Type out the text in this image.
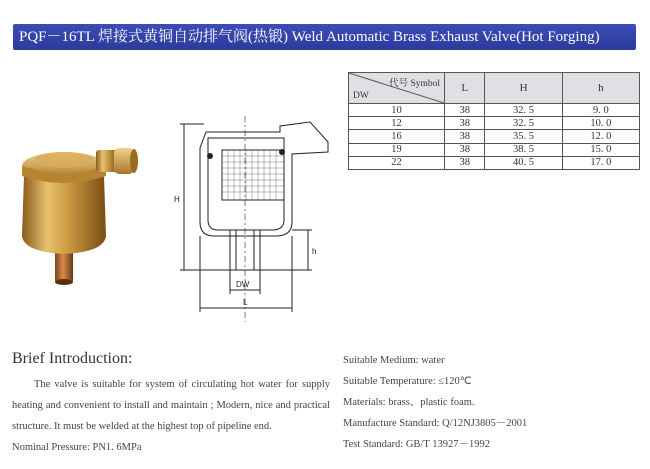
PQF－16TL 焊接式黄铜自动排气阀(热锻) Weld Automatic Brass Exhaust Valve(Hot Forging)
H
h
DW
L
代号 Symbol
DW	L	H	h
10	38	32. 5	9. 0
12	38	32. 5	10. 0
16	38	35. 5	12. 0
19	38	38. 5	15. 0
22	38	40. 5	17. 0
Brief Introduction:

The valve is suitable for system of circulating hot water for supply heating and convenient to install and maintain ; Modern, nice and practical structure. It must be welded at the highest top of pipeline end.

Nominal Pressure: PN1. 6MPa

Suitable Medium: water
Suitable Temperature: ≤120℃
Materials: brass、plastic foam.
Manufacture Standard: Q/12NJ3805－2001
Test Standard: GB/T 13927－1992
